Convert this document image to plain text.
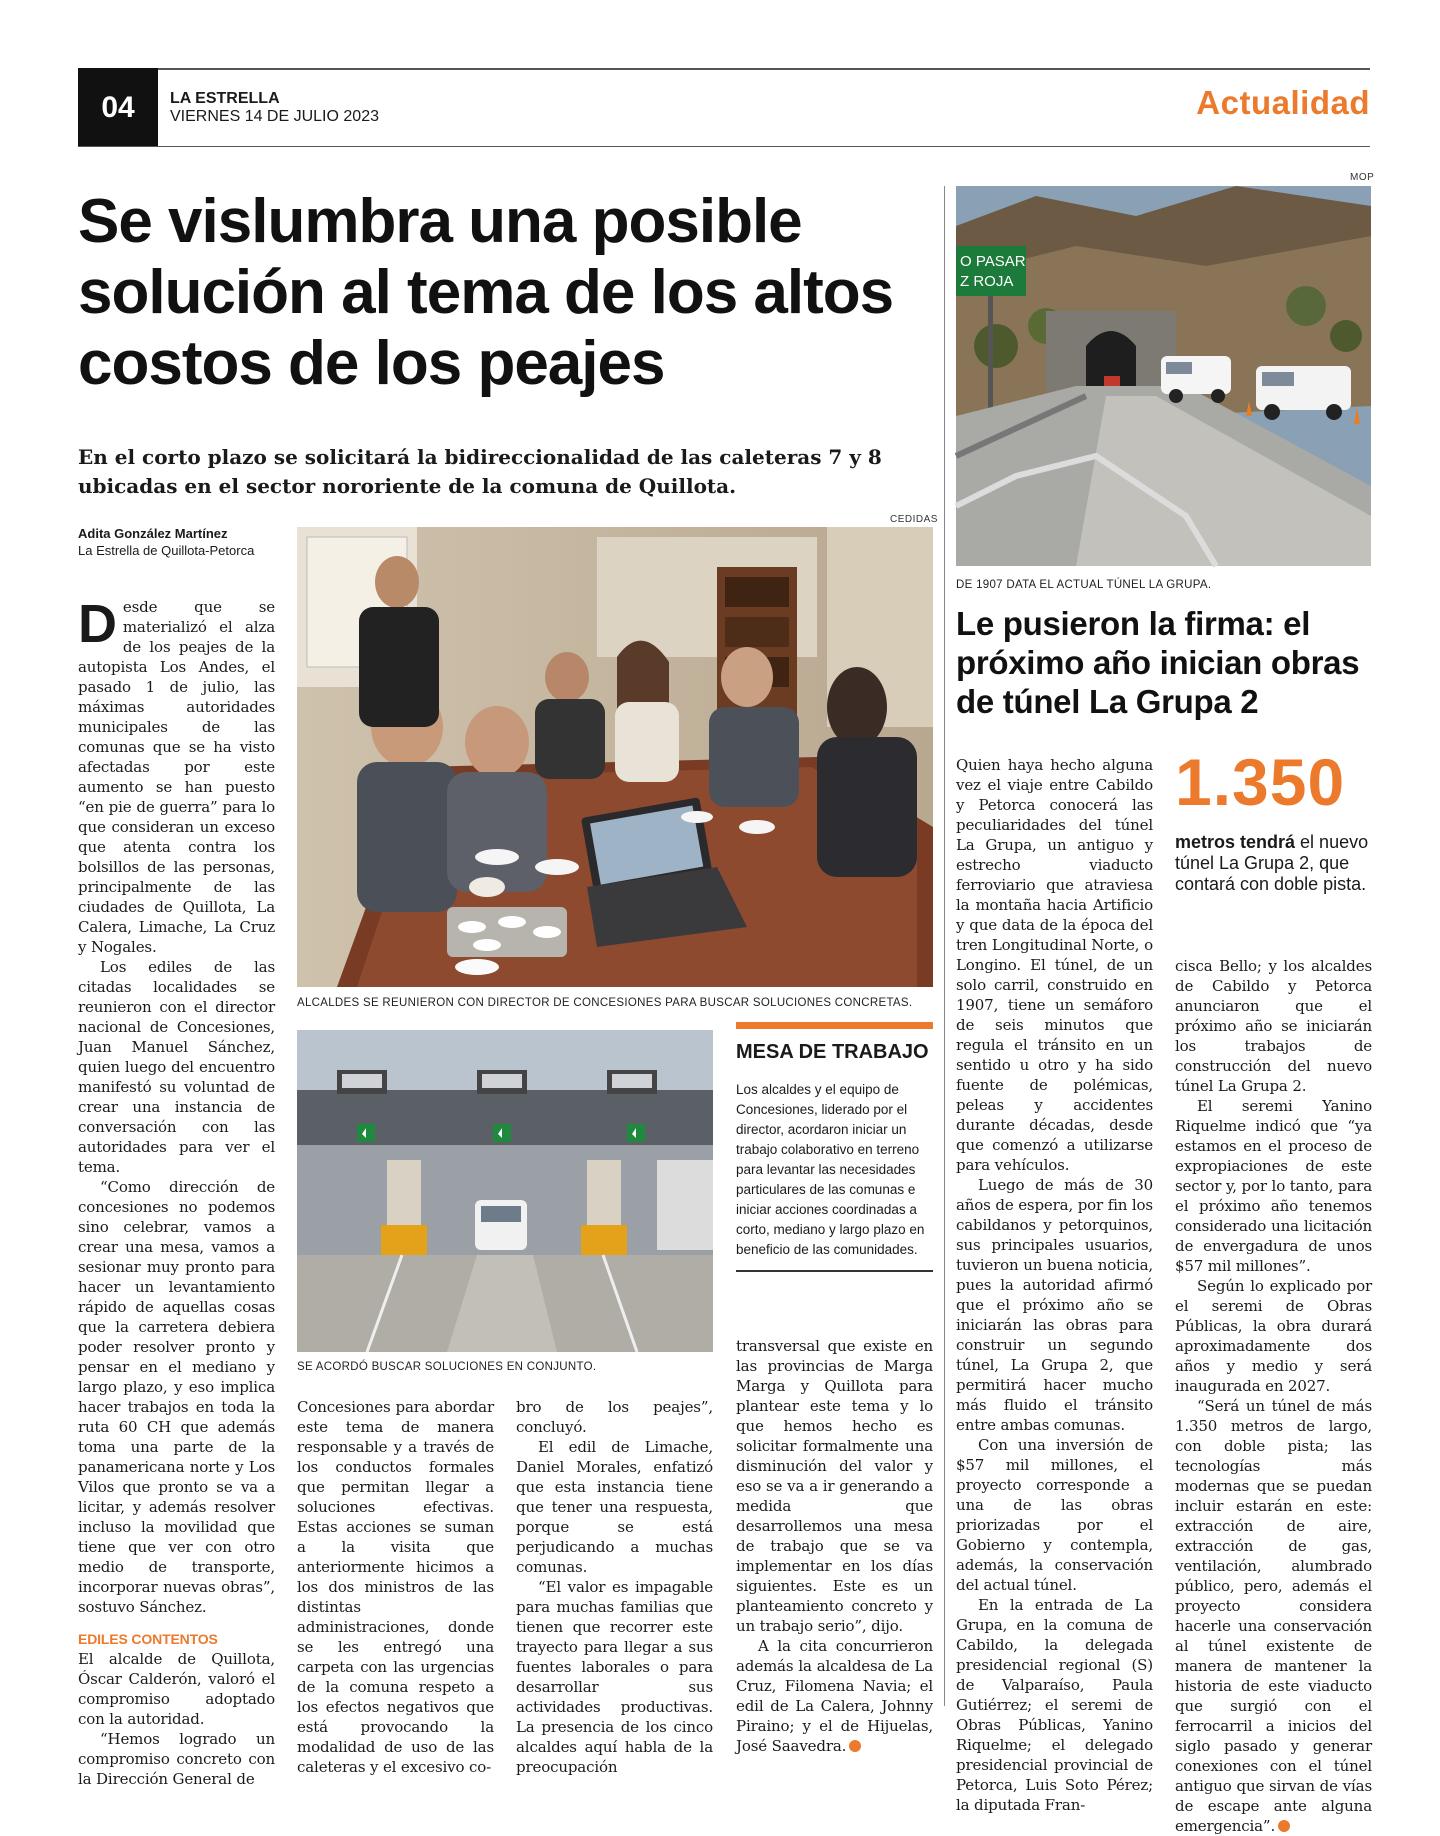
04	LA ESTRELLA
VIERNES 14 DE JULIO 2023	Actualidad
Se vislumbra una posible solución al tema de los altos costos de los peajes
En el corto plazo se solicitará la bidireccionalidad de las caleteras 7 y 8 ubicadas en el sector nororiente de la comuna de Quillota.
Adita González Martínez
La Estrella de Quillota-Petorca
CEDIDAS
ALCALDES SE REUNIERON CON DIRECTOR DE CONCESIONES PARA BUSCAR SOLUCIONES CONCRETAS.
SE ACORDÓ BUSCAR SOLUCIONES EN CONJUNTO.

Desde que se materializó el alza de los peajes de la autopista Los Andes, el pasado 1 de julio, las máximas autoridades municipales de las comunas que se ha visto afectadas por este aumento se han puesto “en pie de guerra” para lo que consideran un exceso que atenta contra los bolsillos de las personas, principalmente de las ciudades de Quillota, La Calera, Limache, La Cruz y Nogales.

Los ediles de las citadas localidades se reunieron con el director nacional de Concesiones, Juan Manuel Sánchez, quien luego del encuentro manifestó su voluntad de crear una instancia de conversación con las autoridades para ver el tema.

“Como dirección de concesiones no podemos sino celebrar, vamos a crear una mesa, vamos a sesionar muy pronto para hacer un levantamiento rápido de aquellas cosas que la carretera debiera poder resolver pronto y pensar en el mediano y largo plazo, y eso implica hacer trabajos en toda la ruta 60 CH que además toma una parte de la panamericana norte y Los Vilos que pronto se va a licitar, y además resolver incluso la movilidad que tiene que ver con otro medio de transporte, incorporar nuevas obras”, sostuvo Sánchez.

EDILES CONTENTOS

El alcalde de Quillota, Óscar Calderón, valoró el compromiso adoptado con la autoridad.

“Hemos logrado un compromiso concreto con la Dirección General de

Concesiones para abordar este tema de manera responsable y a través de los conductos formales que permitan llegar a soluciones efectivas. Estas acciones se suman a la visita que anteriormente hicimos a los dos ministros de las distintas administraciones, donde se les entregó una carpeta con las urgencias de la comuna respeto a los efectos negativos que está provocando la modalidad de uso de las caleteras y el excesivo co-

bro de los peajes”, concluyó.

El edil de Limache, Daniel Morales, enfatizó que esta instancia tiene que tener una respuesta, porque se está perjudicando a muchas comunas.

“El valor es impagable para muchas familias que tienen que recorrer este trayecto para llegar a sus fuentes laborales o para desarrollar sus actividades productivas. La presencia de los cinco alcaldes aquí habla de la preocupación

MESA DE TRABAJO
Los alcaldes y el equipo de Concesiones, liderado por el director, acordaron iniciar un trabajo colaborativo en terreno para levantar las necesidades particulares de las comunas e iniciar acciones coordinadas a corto, mediano y largo plazo en beneficio de las comunidades.

transversal que existe en las provincias de Marga Marga y Quillota para plantear este tema y lo que hemos hecho es solicitar formalmente una disminución del valor y eso se va a ir generando a medida que desarrollemos una mesa de trabajo que se va implementar en los días siguientes. Este es un planteamiento concreto y un trabajo serio”, dijo.

A la cita concurrieron además la alcaldesa de La Cruz, Filomena Navia; el edil de La Calera, Johnny Piraino; y el de Hijuelas, José Saavedra.

MOP
O PASAR
Z ROJA
DE 1907 DATA EL ACTUAL TÚNEL LA GRUPA.
Le pusieron la firma: el próximo año inician obras de túnel La Grupa 2
1.350
metros tendrá el nuevo túnel La Grupa 2, que contará con doble pista.

Quien haya hecho alguna vez el viaje entre Cabildo y Petorca conocerá las peculiaridades del túnel La Grupa, un antiguo y estrecho viaducto ferroviario que atraviesa la montaña hacia Artificio y que data de la época del tren Longitudinal Norte, o Longino. El túnel, de un solo carril, construido en 1907, tiene un semáforo de seis minutos que regula el tránsito en un sentido u otro y ha sido fuente de polémicas, peleas y accidentes durante décadas, desde que comenzó a utilizarse para vehículos.

Luego de más de 30 años de espera, por fin los cabildanos y petorquinos, sus principales usuarios, tuvieron un buena noticia, pues la autoridad afirmó que el próximo año se iniciarán las obras para construir un segundo túnel, La Grupa 2, que permitirá hacer mucho más fluido el tránsito entre ambas comunas.

Con una inversión de $57 mil millones, el proyecto corresponde a una de las obras priorizadas por el Gobierno y contempla, además, la conservación del actual túnel.

En la entrada de La Grupa, en la comuna de Cabildo, la delegada presidencial regional (S) de Valparaíso, Paula Gutiérrez; el seremi de Obras Públicas, Yanino Riquelme; el delegado presidencial provincial de Petorca, Luis Soto Pérez; la diputada Fran-

cisca Bello; y los alcaldes de Cabildo y Petorca anunciaron que el próximo año se iniciarán los trabajos de construcción del nuevo túnel La Grupa 2.

El seremi Yanino Riquelme indicó que “ya estamos en el proceso de expropiaciones de este sector y, por lo tanto, para el próximo año tenemos considerado una licitación de envergadura de unos $57 mil millones”.

Según lo explicado por el seremi de Obras Públicas, la obra durará aproximadamente dos años y medio y será inaugurada en 2027.

“Será un túnel de más 1.350 metros de largo, con doble pista; las tecnologías más modernas que se puedan incluir estarán en este: extracción de aire, extracción de gas, ventilación, alumbrado público, pero, además el proyecto considera hacerle una conservación al túnel existente de manera de mantener la historia de este viaducto que surgió con el ferrocarril a inicios del siglo pasado y generar conexiones con el túnel antiguo que sirvan de vías de escape ante alguna emergencia”.
